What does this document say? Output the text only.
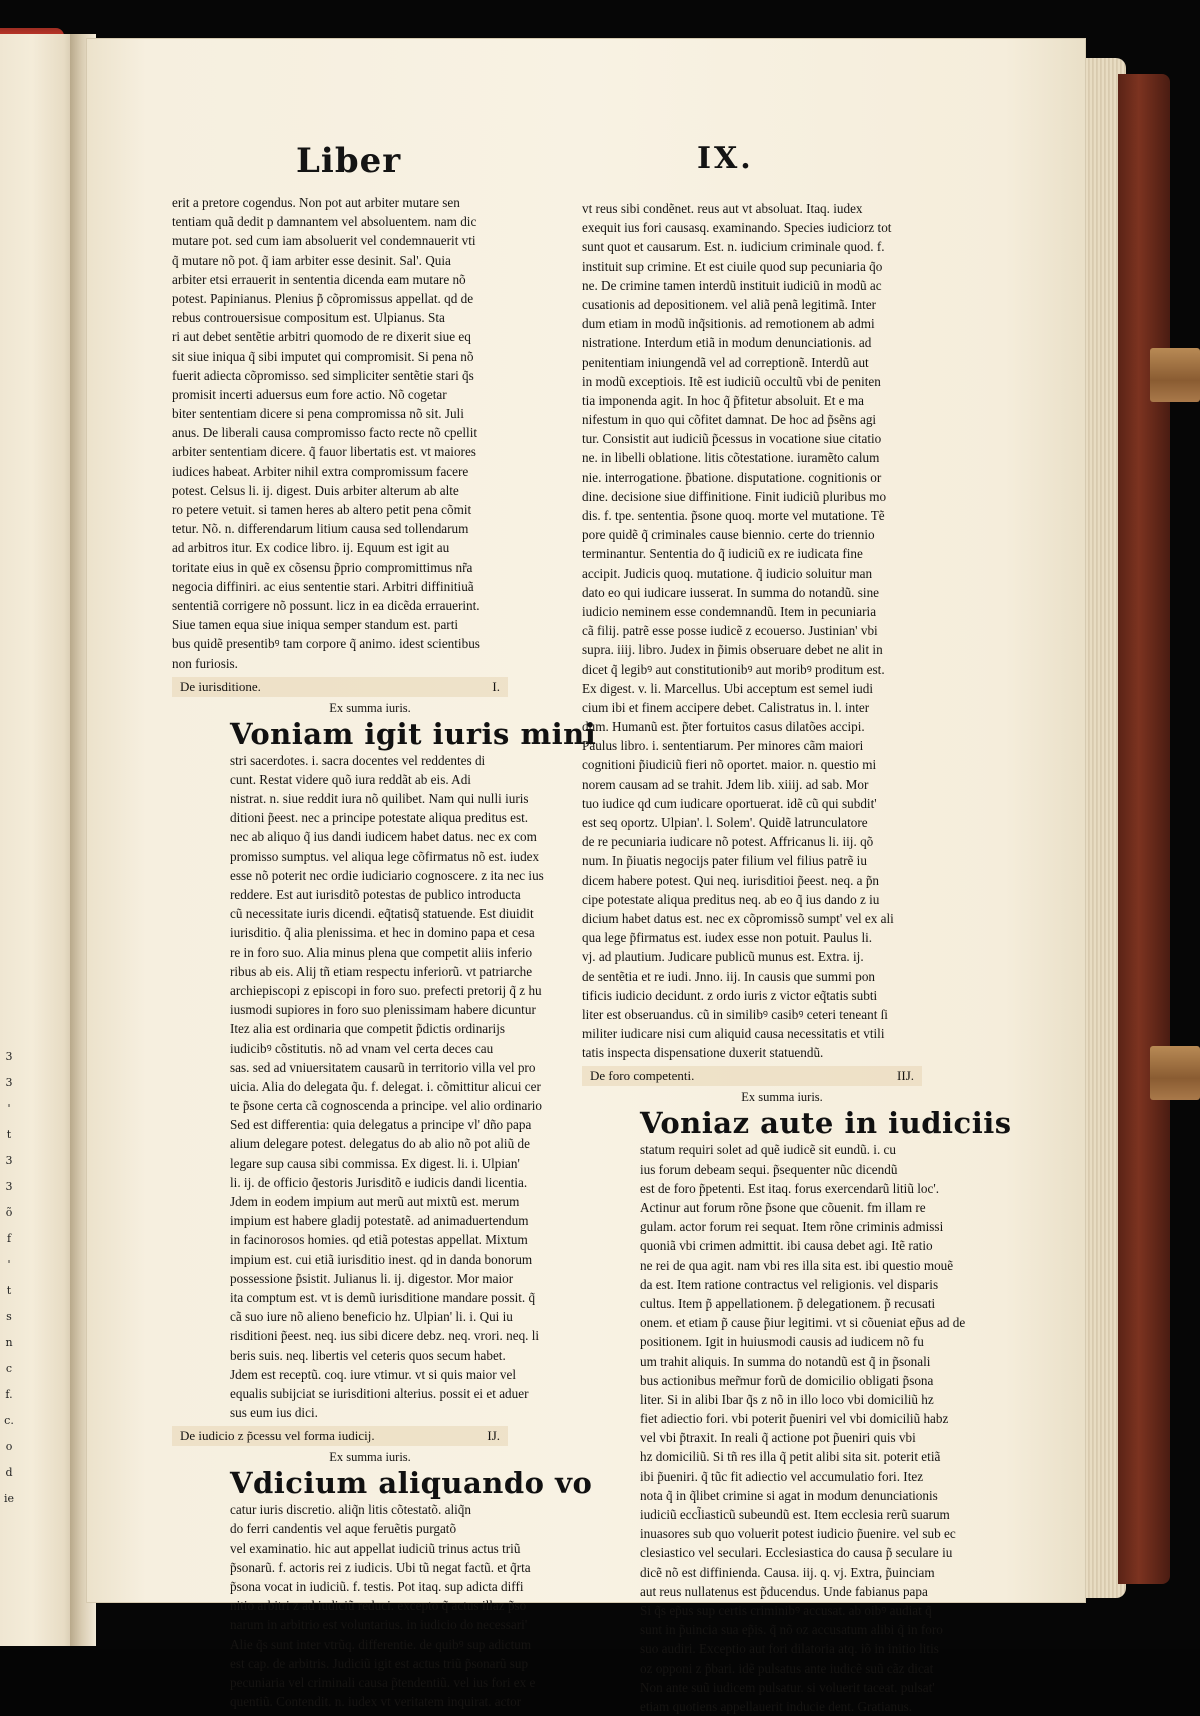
3
3
'
t
3
3
õ
f
'
t
s
n
c
f.
c.
o
d
ie
Liber	IX.
erit a pretore cogendus. Non pot aut arbiter mutare sen
tentiam quã dedit p damnantem vel absoluentem. nam dic
mutare pot. sed cum iam absoluerit vel condemnauerit vti
q̃ mutare nõ pot. q̃ iam arbiter esse desinit. Sal'. Quia
arbiter etsi errauerit in sententia dicenda eam mutare nõ
potest. Papinianus. Plenius p̃ cõpromissus appellat. qd de
rebus controuersisue compositum est. Ulpianus. Sta
ri aut debet sentẽtie arbitri quomodo de re dixerit siue eq
sit siue iniqua q̃ sibi imputet qui compromisit. Si pena nõ
fuerit adiecta cõpromisso. sed simpliciter sentẽtie stari q̃s
promisit incerti aduersus eum fore actio. Nõ cogetar
biter sententiam dicere si pena compromissa nõ sit. Juli
anus. De liberali causa compromisso facto recte nõ cpellit
arbiter sententiam dicere. q̃ fauor libertatis est. vt maiores
iudices habeat. Arbiter nihil extra compromissum facere
potest. Celsus li. ij. digest. Duis arbiter alterum ab alte
ro petere vetuit. si tamen heres ab altero petit pena cõmit
tetur. Nõ. n. differendarum litium causa sed tollendarum
ad arbitros itur. Ex codice libro. ij. Equum est igit au
toritate eius in quẽ ex cõsensu p̃prio compromittimus nr̃a
negocia diffiniri. ac eius sententie stari. Arbitri diffinitiuã
sententiã corrigere nõ possunt. licz in ea dicẽda errauerint.
Siue tamen equa siue iniqua semper standum est. parti
bus quidẽ presentibꝰ tam corpore q̃ animo. idest scientibus
non furiosis.
De iurisditione.	I.
Ex summa iuris.
Voniam igit iuris mini
stri sacerdotes. i. sacra docentes vel reddentes di
cunt. Restat videre quõ iura reddãt ab eis. Adi
nistrat. n. siue reddit iura nõ quilibet. Nam qui nulli iuris
ditioni p̃eest. nec a principe potestate aliqua preditus est.
nec ab aliquo q̃ ius dandi iudicem habet datus. nec ex com
promisso sumptus. vel aliqua lege cõfirmatus nõ est. iudex
esse nõ poterit nec ordie iudiciario cognoscere. z ita nec ius
reddere. Est aut iurisditõ potestas de publico introducta
cũ necessitate iuris dicendi. eq̃tatisq̃ statuende. Est diuidit
iurisditio. q̃ alia plenissima. et hec in domino papa et cesa
re in foro suo. Alia minus plena que competit aliis inferio
ribus ab eis. Alij tñ etiam respectu inferiorũ. vt patriarche
archiepiscopi z episcopi in foro suo. prefecti pretorij q̃ z hu
iusmodi supiores in foro suo plenissimam habere dicuntur
Itez alia est ordinaria que competit p̃dictis ordinarijs
iudicibꝰ cõstitutis. nõ ad vnam vel certa deces cau
sas. sed ad vniuersitatem causarũ in territorio villa vel pro
uicia. Alia do delegata q̃u. f. delegat. i. cõmittitur alicui cer
te p̃sone certa cã cognoscenda a principe. vel alio ordinario
Sed est differentia: quia delegatus a principe vl' dño papa
alium delegare potest. delegatus do ab alio nõ pot aliũ de
legare sup causa sibi commissa. Ex digest. li. i. Ulpian'
li. ij. de officio q̃estoris Jurisditõ e iudicis dandi licentia.
Jdem in eodem impium aut merũ aut mixtũ est. merum
impium est habere gladij potestatẽ. ad animaduertendum
in facinorosos homies. qd etiã potestas appellat. Mixtum
impium est. cui etiã iurisditio inest. qd in danda bonorum
possessione p̃sistit. Julianus li. ij. digestor. Mor maior
ita comptum est. vt is demũ iurisditione mandare possit. q̃
cã suo iure nõ alieno beneficio hz. Ulpian' li. i. Qui iu
risditioni p̃eest. neq. ius sibi dicere debz. neq. vrori. neq. li
beris suis. neq. libertis vel ceteris quos secum habet.
Jdem est receptũ. coq. iure vtimur. vt si quis maior vel
equalis subijciat se iurisditioni alterius. possit ei et aduer
sus eum ius dici.
De iudicio z p̃cessu vel forma iudicij.	IJ.
Ex summa iuris.
Vdicium aliquando vo
catur iuris discretio. aliq̃n litis cõtestatõ. aliq̃n
do ferri candentis vel aque feruẽtis purgatõ
vel examinatio. hic aut appellat iudiciũ trinus actus triũ
p̃sonarũ. f. actoris rei z iudicis. Ubi tũ negat factũ. et q̃rta
p̃sona vocat in iudiciũ. f. testis. Pot itaq. sup adicta diffi
nitio arbitri z ad iudiciũ reduci. excepto q̃ actus illaz p̃so
narum in arbitrio est voluntarius. in iudicio do necessari'
Alie q̃s sunt inter vtrũq. differentie. de quibꝰ sup adictum
est cap. de arbitris. Judiciũ igit est actus triũ p̃sonarũ sup
pecuniaria vel criminali causa p̃tendentiũ. vel ius fori ex e
quentiũ. Contendit. n. iudex vt veritatem inquirat. actor
vt reus sibi condẽnet. reus aut vt absoluat. Itaq. iudex
exequit ius fori causasq. examinando. Species iudiciorz tot
sunt quot et causarum. Est. n. iudicium criminale quod. f.
instituit sup crimine. Et est ciuile quod sup pecuniaria q̃o
ne. De crimine tamen interdũ instituit iudiciũ in modũ ac
cusationis ad depositionem. vel aliã penã legitimã. Inter
dum etiam in modũ inq̃sitionis. ad remotionem ab admi
nistratione. Interdum etiã in modum denunciationis. ad
penitentiam iniungendã vel ad correptionẽ. Interdũ aut
in modũ exceptiois. Itẽ est iudiciũ occultũ vbi de peniten
tia imponenda agit. In hoc q̃ p̃fitetur absoluit. Et e ma
nifestum in quo qui cõfitet damnat. De hoc ad p̃sẽns agi
tur. Consistit aut iudiciũ p̃cessus in vocatione siue citatio
ne. in libelli oblatione. litis cõtestatione. iuramẽto calum
nie. interrogatione. p̃batione. disputatione. cognitionis or
dine. decisione siue diffinitione. Finit iudiciũ pluribus mo
dis. f. tpe. sententia. p̃sone quoq. morte vel mutatione. Tẽ
pore quidẽ q̃ criminales cause biennio. certe do triennio
terminantur. Sententia do q̃ iudiciũ ex re iudicata fine
accipit. Judicis quoq. mutatione. q̃ iudicio soluitur man
dato eo qui iudicare iusserat. In summa do notandũ. sine
iudicio neminem esse condemnandũ. Item in pecuniaria
cã filij. patrẽ esse posse iudicẽ z ecouerso. Justinian' vbi
supra. iiij. libro. Judex in p̃imis obseruare debet ne alit in
dicet q̃ legibꝰ aut constitutionibꝰ aut moribꝰ proditum est.
Ex digest. v. li. Marcellus. Ubi acceptum est semel iudi
cium ibi et finem accipere debet. Calistratus in. l. inter
dum. Humanũ est. p̃ter fortuitos casus dilatões accipi.
Paulus libro. i. sententiarum. Per minores cãm maiori
cognitioni p̃iudiciũ fieri nõ oportet. maior. n. questio mi
norem causam ad se trahit. Jdem lib. xiiij. ad sab. Mor
tuo iudice qd cum iudicare oportuerat. idẽ cũ qui subdit'
est seq oportz. Ulpian'. l. Solem'. Quidẽ latrunculatore
de re pecuniaria iudicare nõ potest. Affricanus li. iij. qõ
num. In p̃iuatis negocijs pater filium vel filius patrẽ iu
dicem habere potest. Qui neq. iurisditioi p̃eest. neq. a p̃n
cipe potestate aliqua preditus neq. ab eo q̃ ius dando z iu
dicium habet datus est. nec ex cõpromissõ sumpt' vel ex ali
qua lege p̃firmatus est. iudex esse non potuit. Paulus li.
vj. ad plautium. Judicare publicũ munus est. Extra. ij.
de sentẽtia et re iudi. Jnno. iij. In causis que summi pon
tificis iudicio decidunt. z ordo iuris z victor eq̃tatis subti
liter est obseruandus. cũ in similibꝰ casibꝰ ceteri teneant ſi
militer iudicare nisi cum aliquid causa necessitatis et vtili
tatis inspecta dispensatione duxerit statuendũ.
De foro competenti.	IIJ.
Ex summa iuris.
Voniaz aute in iudiciis
statum requiri solet ad quẽ iudicẽ sit eundũ. i. cu
ius forum debeam sequi. p̃sequenter nũc dicendũ
est de foro p̃petenti. Est itaq. forus exercendarũ litiũ loc'.
Actinur aut forum rõne p̃sone que cõuenit. fm illam re
gulam. actor forum rei sequat. Item rõne criminis admissi
quoniã vbi crimen admittit. ibi causa debet agi. Itẽ ratio
ne rei de qua agit. nam vbi res illa sita est. ibi questio mouẽ
da est. Item ratione contractus vel religionis. vel disparis
cultus. Item p̃ appellationem. p̃ delegationem. p̃ recusati
onem. et etiam p̃ cause p̃iur legitimi. vt si cõueniat ep̃us ad de
positionem. Igit in huiusmodi causis ad iudicem nõ fu
um trahit aliquis. In summa do notandũ est q̃ in p̃sonali
bus actionibus mer̃mur forũ de domicilio obligati p̃sona
liter. Si in alibi Ibar q̃s z nõ in illo loco vbi domiciliũ hz
fiet adiectio fori. vbi poterit p̃ueniri vel vbi domiciliũ habz
vel vbi p̃traxit. In reali q̃ actione pot p̃ueniri quis vbi
hz domiciliũ. Si tñ res illa q̃ petit alibi sita sit. poterit etiã
ibi p̃ueniri. q̃ tũc fit adiectio vel accumulatio fori. Itez
nota q̃ in q̃libet crimine si agat in modum denunciationis
iudiciũ eccl̃iasticũ subeundũ est. Item ecclesia rerũ suarum
inuasores sub quo voluerit potest iudicio p̃uenire. vel sub ec
clesiastico vel seculari. Ecclesiastica do causa p̃ seculare iu
dicẽ nõ est diffinienda. Causa. iij. q. vj. Extra, p̃uinciam
aut reus nullatenus est p̃ducendus. Unde fabianus papa
Si q̃s ep̃us sup certis criminibꝰ accusat. ab oibꝰ audiat q̃
sunt in p̃uincia sua ep̃is. q̃ nõ oz accusatum alibi q̃ in foro
suo audiri. Exceptio aut fori dilatoria atq. iõ in initio litis
oz opponi z p̃bari. idẽ pulsatus ante iudicẽ suũ cãz dicat
Non ante suũ iudicem pulsatur. si voluerit taceat. pulsat'
etiam quotiens appellauerit inducie dent. Gratianus.
